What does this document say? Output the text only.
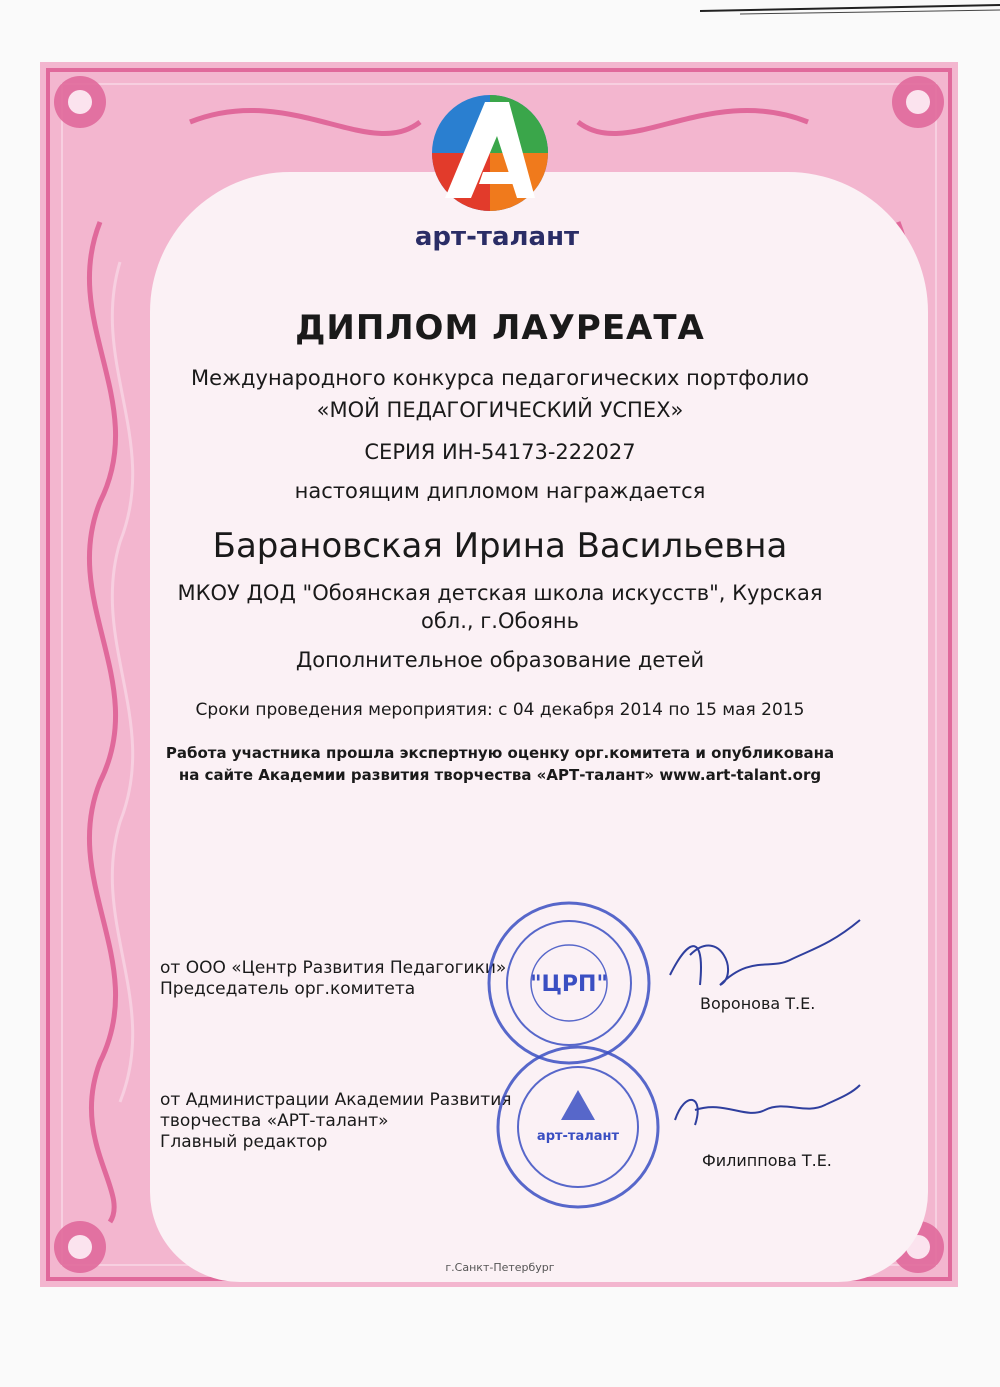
арт-талант
ДИПЛОМ ЛАУРЕАТА
Международного конкурса педагогических портфолио
«МОЙ ПЕДАГОГИЧЕСКИЙ УСПЕХ»
СЕРИЯ ИН-54173-222027
настоящим дипломом награждается
Барановская Ирина Васильевна
МКОУ ДОД "Обоянская детская школа искусств", Курская
обл., г.Обоянь
Дополнительное образование детей
Сроки проведения мероприятия: с 04 декабря 2014 по 15 мая 2015
Работа участника прошла экспертную оценку орг.комитета и опубликована
на сайте Академии развития творчества «АРТ-талант» www.art-talant.org
от ООО «Центр Развития Педагогики»
Председатель орг.комитета
Воронова Т.Е.
"ЦРП"
от Администрации Академии Развития
творчества «АРТ-талант»
Главный редактор
Филиппова Т.Е.
арт-талант
г.Санкт-Петербург
